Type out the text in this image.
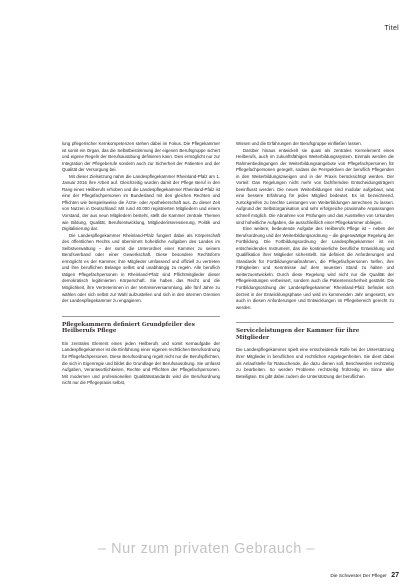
Titel

lung pflegerischer Kernkompetenzen stehen dabei im Fokus. Die Pflegekammer ist somit ein Organ, das die Selbstbestimmung der eigenen Berufsgruppe sichert und eigene Regeln der Berufsausübung definieren kann. Dies ermöglicht nur zur Integration der Pflegeberufe sondern auch zur Sicherheit der Patienten und der Qualität der Versorgung bei.

Mit dieser Zielsetzung nahm die Landespflegekammer Rheinland-Pfalz am 1. Januar 2016 ihre Arbeit auf. Gleichzeitig wurden damit der Pflege Beruf in den Rang eines Heilberufs erhoben und die Landespflegekammer Rheinland-Pfalz ist eine der Pflegefachpersonen im Bundesland mit den gleichen Rechten und Pflichten wie beispielsweise die Ärzte- oder Apothekerschaft aus. Zu dieser Zeit von Nutzen in Deutschland: Mit rund 40.000 registrierten Mitgliedern und einem Vorstand, der aus neun Mitgliedern besteht, stellt die Kammer zentrale Themen wie Bildung, Qualität, Berufsentwicklung, Mitgliederinteressierung, Politik und Digitalisierung dar.

Die Landespflegekammer Rheinland-Pfalz fungiert dabei als Körperschaft des öffentlichen Rechts und übernimmt hoheitliche Aufgaben des Landes im Selbstverwaltung – der somit die Unterordnet einer Kammer zu seinem Berufsverband oder einer Gewerkschaft. Diese besondere Rechtsform ermöglicht es der Kammer, ihre Mitglieder umfassend und offiziell zu vertreten und ihre beruflichen Belange selbst und unabhängig zu regeln. Alle beruflich tätigen Pflegefachpersonen in Rheinland-Pfalz sind Pflichtmitglieder dieser demokratisch legitimierten Körperschaft. Sie haben das Recht und die Möglichkeit, ihre Vertreterinnen in der Vertreterversammlung, alle fünf Jahre zu wählen oder sich selbst zur Wahl aufzustellen und sich in den internen Gremien der Landespflegekammer zu engagieren.

Pflegekammern definiert Grundpfeiler des Heilberufs Pflege

Ein zentrales Element eines jeden Heilberufs und somit Kernaufgabe der Landespflegekammer ist die Einführung einer eigenen rechtlichen Berufsordnung für Pflegefachpersonen. Diese Berufsordnung regelt nicht nur die Berufspflichten, die sich in Eigenregie und bildet die Grundlage der Berufsausübung. Sie umfasst Aufgaben, Verantwortlichkeiten, Rechte und Pflichten der Pflegefachpersonen. Mit modernen und professionellen Qualitätsstandards wird die Berufsordnung nicht nur die Pflegepraxis selbst,

Wissen und die Erfahrungen der Berufsgruppe einfließen lassen.

Darüber hinaus entwickelt sie quasi als zentrales Kernelement eines Heilberufs, auch im zukunftsfähigen Weiterbildungssystem. Einmals werden die Rahmenbedingungen der Weiterbildungsangebote von Pflegefachpersonen für Pflegefachpersonen geregelt, sodass die Perspektiven der beruflich Pflegenden in den Weiterbildungszweigen und in der Praxis berücksichtigt werden. Der Vorteil: Das Regelungen nicht mehr von fachfremden Entscheidungsträgern beeinflusst werden. Die neuen Weiterbildungen sind modular aufgebaut, was eine bessere Erfahrung für jedes Mitglied bedeutet. Es ist bezeichnend, zurückgreifen zu brechte Leistungen von Weiterbildungen anrechnen zu lassen. Aufgrund der Selbstorganisation und sehr erfolgreiche praxisnahe Anpassungen schnell möglich. Die Abnahme von Prüfungen und das Ausstellen von Urkunden sind hoheitliche Aufgaben, die ausschließlich einer Pflegekammer obliegen.

Eine weitere, bedeutende Aufgabe des Heilberufs Pflege ist – neben der Berufsordnung und der Weiterbildungsordnung – die gegenwärtige Regelung der Fortbildung. Die Fortbildungsordnung der Landespflegekammer ist ein entscheidendes Instrument, das die kontinuierliche berufliche Entwicklung und Qualifikation ihrer Mitglieder sicherstellt. Sie definiert die Anforderungen und Standards für Fortbildungsmaßnahmen, die Pflegefachpersonen helfen, ihre Fähigkeiten und Kenntnisse auf dem neuesten Stand zu halten und weiterzuentwickeln. Durch diese Regelung wird nicht nur die Qualität der Pflegeleistungen verbessert, sondern auch die Patientensicherheit gestärkt. Die Fortbildungsordnung der Landespflegekammer Rheinland-Pfalz befindet sich derzeit in der Entwicklungsphase und wird im kommenden Jahr umgesetzt, um auch in diesen Anforderungen und Entwicklungen im Pflegebereich gerecht zu werden.

Serviceleistungen der Kammer für ihre Mitglieder

Die Landespflegekammer spielt eine entscheidende Rolle bei der Unterstützung ihrer Mitglieder in beruflichen und rechtlichen Angelegenheiten. Sie dient dabei als Anlaufstelle für Ratsuchende, die dazu dienen soll, Beschwerden rechtzeitig zu bearbeiten. So werden Probleme rechtzeitig frühzeitig im Sinne aller Beteiligten. Es gibt dabei zudem die Unterstützung der beruflichen

– Nur zum privaten Gebrauch –
Die Schwester Der Pfleger 27
